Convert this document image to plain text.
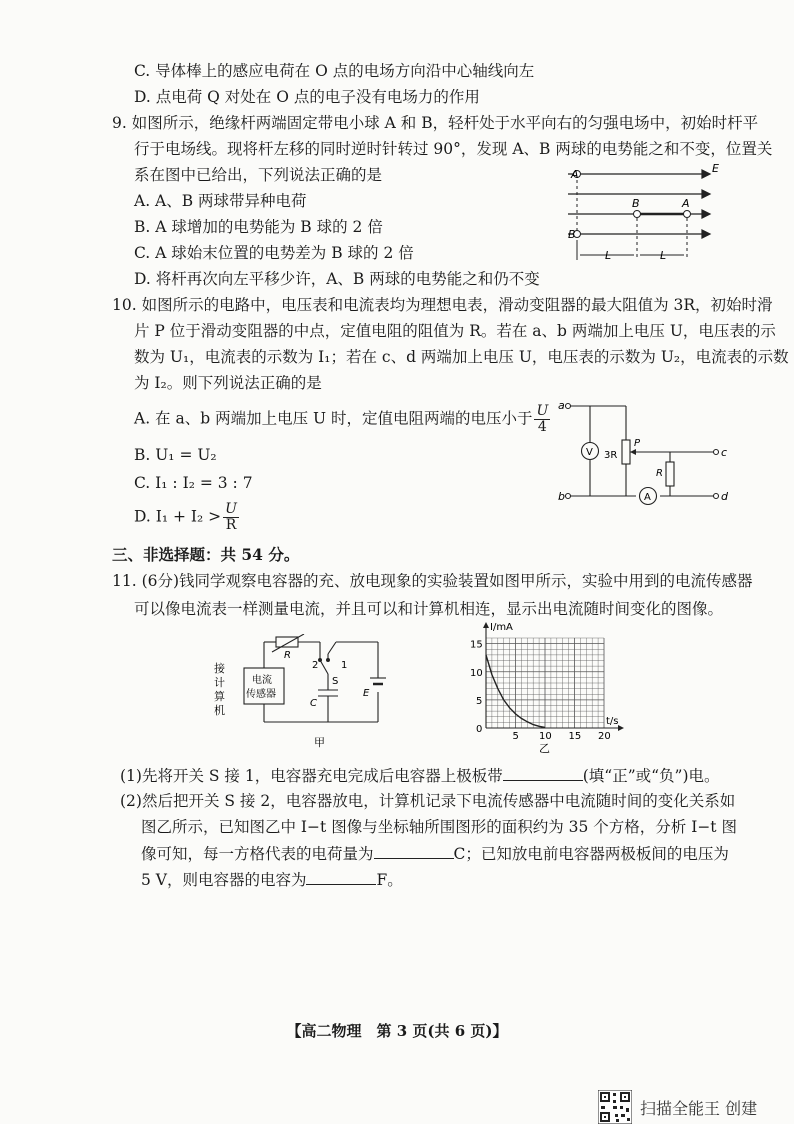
C. 导体棒上的感应电荷在 O 点的电场方向沿中心轴线向左
D. 点电荷 Q 对处在 O 点的电子没有电场力的作用
9. 如图所示，绝缘杆两端固定带电小球 A 和 B，轻杆处于水平向右的匀强电场中，初始时杆平
行于电场线。现将杆左移的同时逆时针转过 90°，发现 A、B 两球的电势能之和不变，位置关
系在图中已给出，下列说法正确的是
A. A、B 两球带异种电荷
B. A 球增加的电势能为 B 球的 2 倍
C. A 球始末位置的电势差为 B 球的 2 倍
D. 将杆再次向左平移少许，A、B 两球的电势能之和仍不变
A
B
B	A
E
L	L
10. 如图所示的电路中，电压表和电流表均为理想电表，滑动变阻器的最大阻值为 3R，初始时滑
片 P 位于滑动变阻器的中点，定值电阻的阻值为 R。若在 a、b 两端加上电压 U，电压表的示
数为 U₁，电流表的示数为 I₁；若在 c、d 两端加上电压 U，电压表的示数为 U₂，电流表的示数
为 I₂。则下列说法正确的是
A. 在 a、b 两端加上电压 U 时，定值电阻两端的电压小于 $\frac{U}{4}$
B. U₁ = U₂
C. I₁ : I₂ = 3 : 7
D. $I_1 + I_2 > \frac{U}{R}$
a
b
c
d
V
A
3R
P
R
三、非选择题：共 54 分。
11. (6分)钱同学观察电容器的充、放电现象的实验装置如图甲所示，实验中用到的电流传感器
可以像电流表一样测量电流，并且可以和计算机相连，显示出电流随时间变化的图像。
接
计
算
机
电流
传感器
R
2 1
S
C
E
甲	5 10 15 20
5
10
15
I/mA
t/s
0
乙
(1)先将开关 S 接 1，电容器充电完成后电容器上极板带	(填“正”或“负”)电。
(2)然后把开关 S 接 2，电容器放电，计算机记录下电流传感器中电流随时间的变化关系如
图乙所示，已知图乙中 I−t 图像与坐标轴所围图形的面积约为 35 个方格，分析 I−t 图
像可知，每一方格代表的电荷量为	C；已知放电前电容器两极板间的电压为
5 V，则电容器的电容为	F。
【高二物理　第 3 页(共 6 页)】
扫描全能王 创建
